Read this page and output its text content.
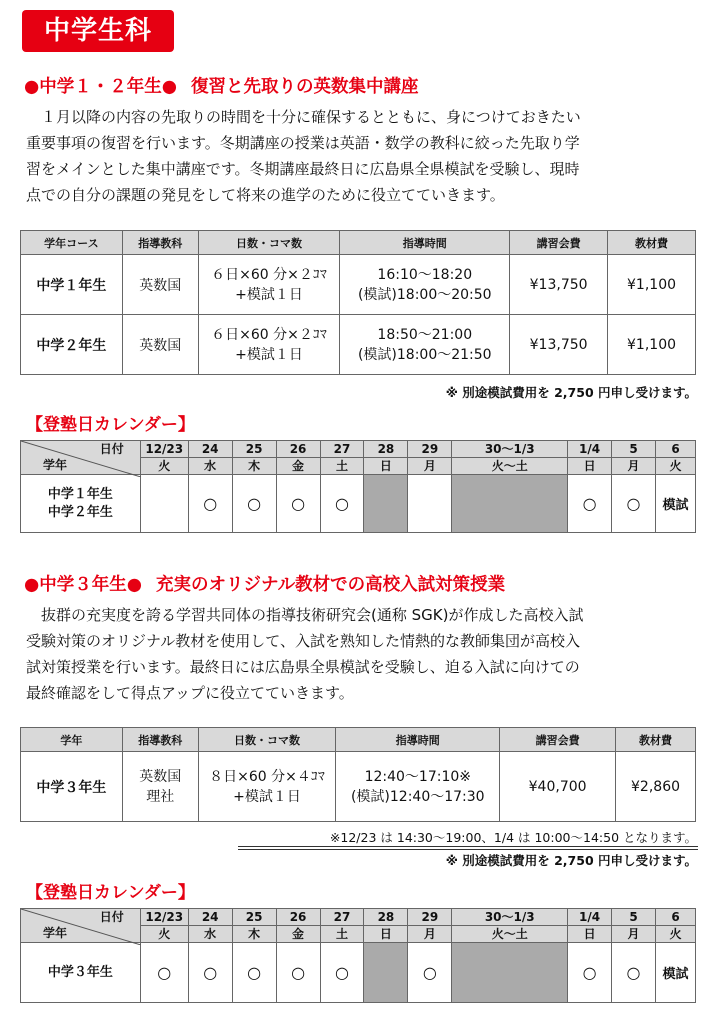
中学生科
●中学１・２年生● 復習と先取りの英数集中講座
　１月以降の内容の先取りの時間を十分に確保するとともに、身につけておきたい
重要事項の復習を行います。冬期講座の授業は英語・数学の教科に絞った先取り学
習をメインとした集中講座です。冬期講座最終日に広島県全県模試を受験し、現時
点での自分の課題の発見をして将来の進学のために役立てていきます。
学年コース	指導教科	日数・コマ数	指導時間	講習会費	教材費
中学１年生	英数国	６日×60 分×２ｺﾏ
+模試１日	16:10～18:20
(模試)18:00～20:50	¥13,750	¥1,100
中学２年生	英数国	６日×60 分×２ｺﾏ
+模試１日	18:50～21:00
(模試)18:00～21:50	¥13,750	¥1,100
※ 別途模試費用を 2,750 円申し受けます。
【登塾日カレンダー】
日付
学年	12/23	24	25	26	27	28	29	30～1/3	1/4	5	6
	火	水	木	金	土	日	月	火～土	日	月	火

中学１年生
中学２年生		○	○	○	○				○	○	模試
●中学３年生● 充実のオリジナル教材での高校入試対策授業
　抜群の充実度を誇る学習共同体の指導技術研究会(通称 SGK)が作成した高校入試
受験対策のオリジナル教材を使用して、入試を熟知した情熱的な教師集団が高校入
試対策授業を行います。最終日には広島県全県模試を受験し、迫る入試に向けての
最終確認をして得点アップに役立てていきます。
学年	指導教科	日数・コマ数	指導時間	講習会費	教材費
中学３年生	英数国
理社	８日×60 分×４ｺﾏ
+模試１日	12:40～17:10※
(模試)12:40～17:30	¥40,700	¥2,860
※12/23 は 14:30～19:00、1/4 は 10:00～14:50 となります。
※ 別途模試費用を 2,750 円申し受けます。
【登塾日カレンダー】
日付
学年	12/23	24	25	26	27	28	29	30～1/3	1/4	5	6
	火	水	木	金	土	日	月	火～土	日	月	火
中学３年生	○	○	○	○	○		○		○	○	模試
